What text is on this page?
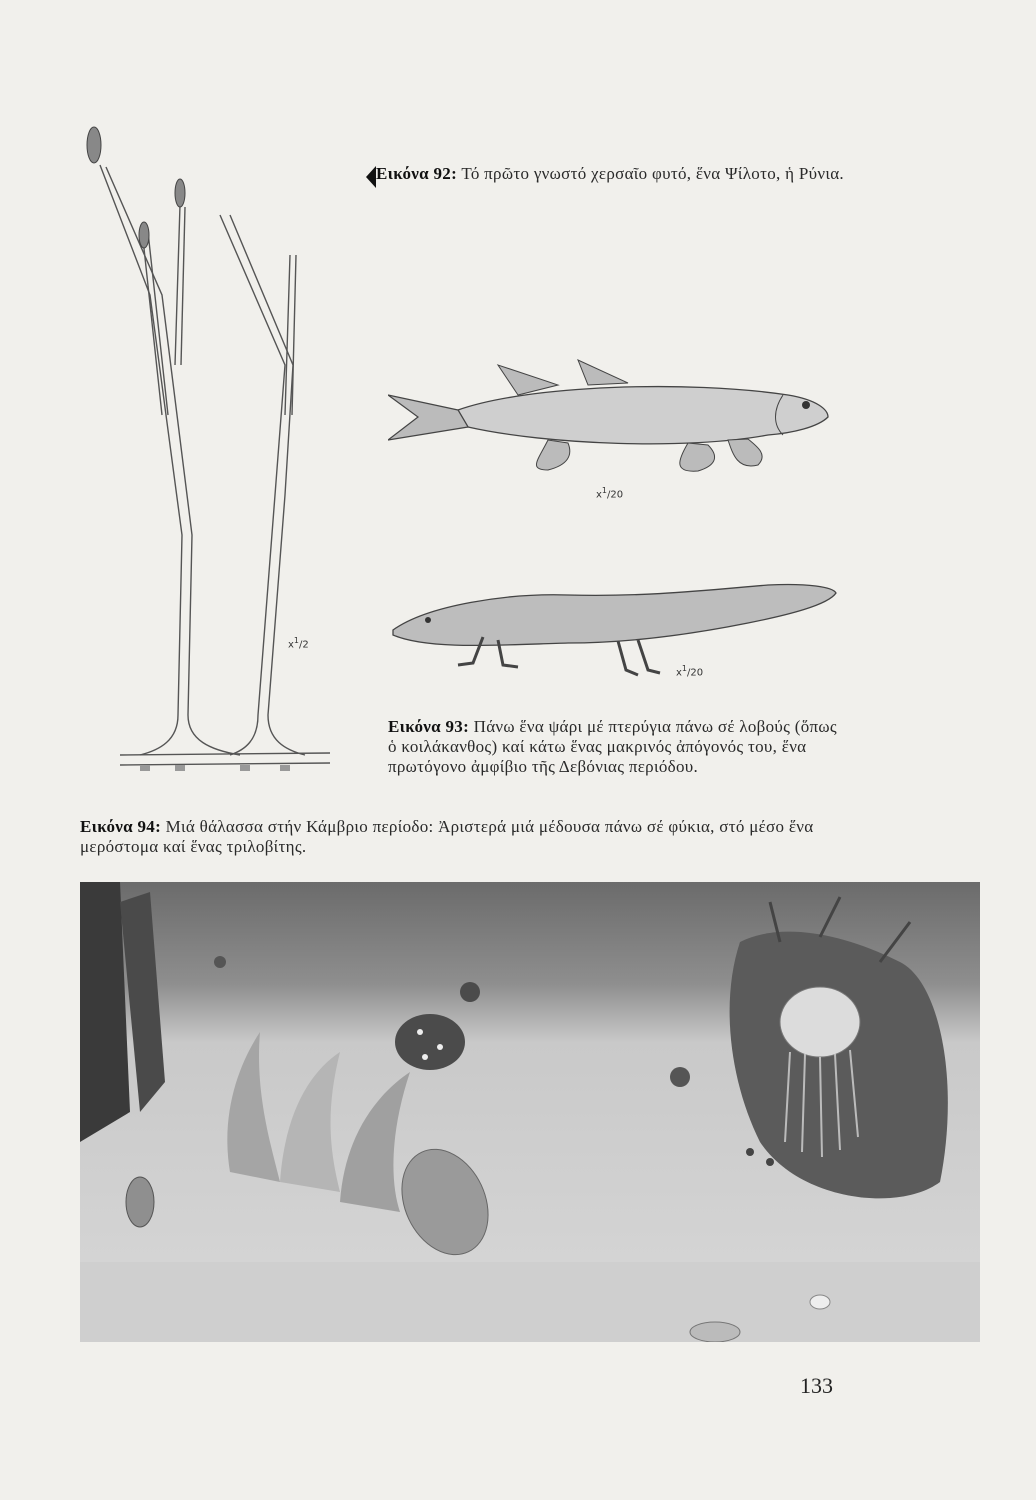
$x^1/2$
Εικόνα 92: Τό πρῶτο γνωστό χερσαῖο φυτό, ἕνα Ψίλοτο, ἡ Ρύνια.
$x^1/20$
$x^1/20$
Εικόνα 93: Πάνω ἕνα ψάρι μέ πτερύγια πάνω σέ λοβούς (ὅπως ὁ κοιλάκανθος) καί κάτω ἕνας μακρινός ἀπόγονός του, ἕνα πρωτόγονο ἀμφίβιο τῆς Δεβόνιας περιόδου.
Εικόνα 94: Μιά θάλασσα στήν Κάμβριο περίοδο: Ἀριστερά μιά μέδουσα πάνω σέ φύκια, στό μέσο ἕνα μερόστομα καί ἕνας τριλοβίτης.
133
